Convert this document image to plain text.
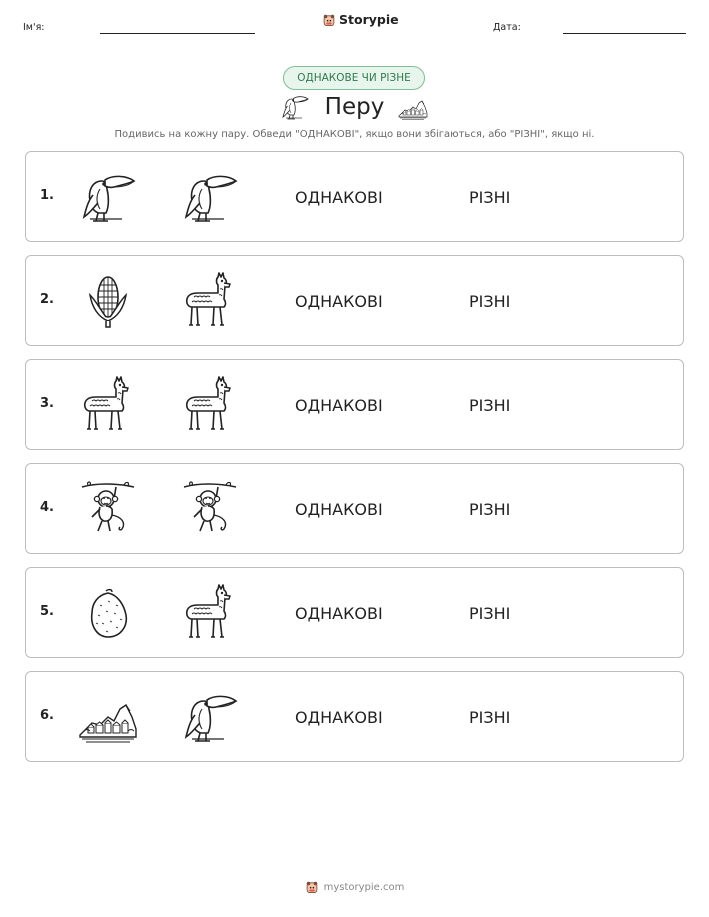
Ім'я:
Storypie
Дата:
ОДНАКОВЕ ЧИ РІЗНЕ
Перу
Подивись на кожну пару. Обведи "ОДНАКОВІ", якщо вони збігаються, або "РІЗНІ", якщо ні.
1.	ОДНАКОВІ	РІЗНІ
2.	ОДНАКОВІ	РІЗНІ
3.	ОДНАКОВІ	РІЗНІ
4.	ОДНАКОВІ	РІЗНІ
5.	ОДНАКОВІ	РІЗНІ
6.	ОДНАКОВІ	РІЗНІ
mystorypie.com
